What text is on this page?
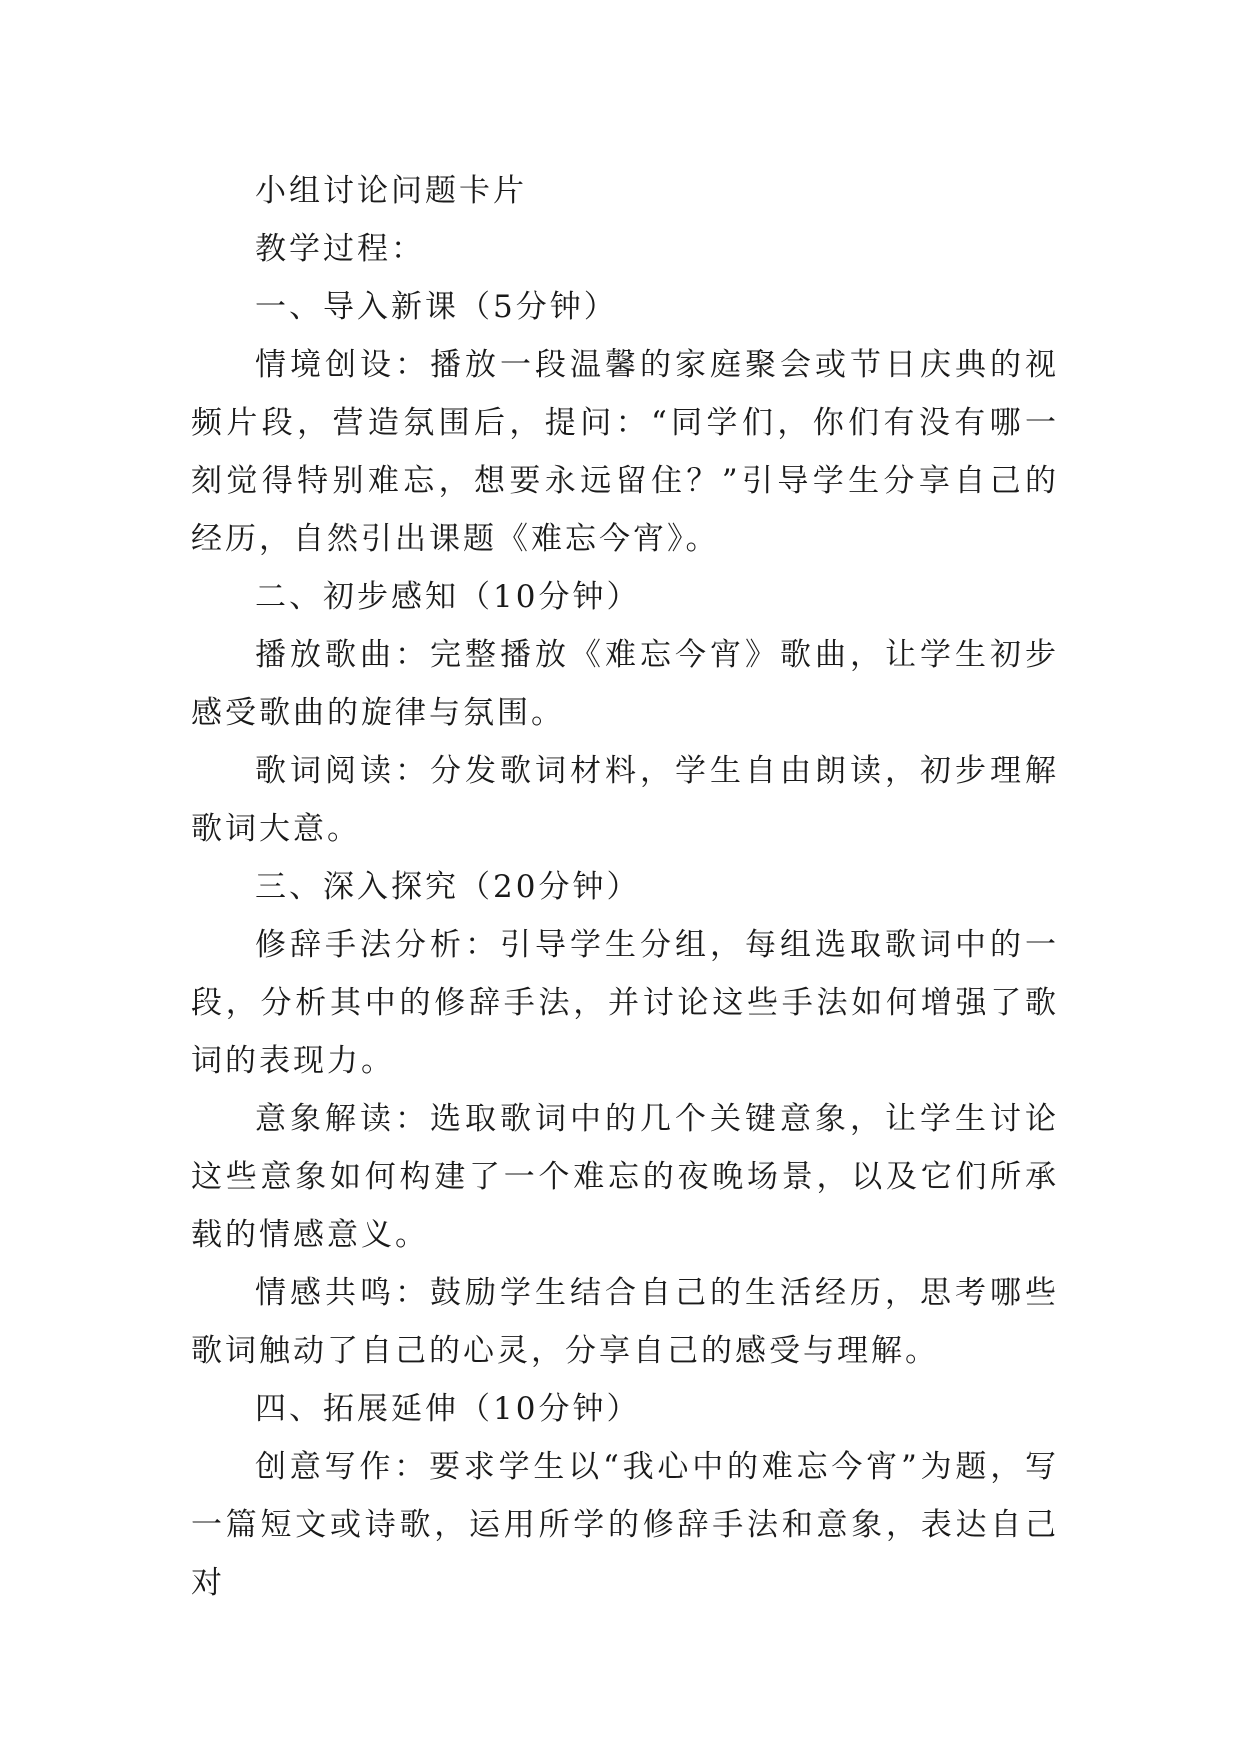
小组讨论问题卡片

教学过程：

一、导入新课（5分钟）

情境创设：播放一段温馨的家庭聚会或节日庆典的视频片段，营造氛围后，提问：“同学们，你们有没有哪一刻觉得特别难忘，想要永远留住？”引导学生分享自己的经历，自然引出课题《难忘今宵》。

二、初步感知（10分钟）

播放歌曲：完整播放《难忘今宵》歌曲，让学生初步感受歌曲的旋律与氛围。

歌词阅读：分发歌词材料，学生自由朗读，初步理解歌词大意。

三、深入探究（20分钟）

修辞手法分析：引导学生分组，每组选取歌词中的一段，分析其中的修辞手法，并讨论这些手法如何增强了歌词的表现力。

意象解读：选取歌词中的几个关键意象，让学生讨论这些意象如何构建了一个难忘的夜晚场景，以及它们所承载的情感意义。

情感共鸣：鼓励学生结合自己的生活经历，思考哪些歌词触动了自己的心灵，分享自己的感受与理解。

四、拓展延伸（10分钟）

创意写作：要求学生以“我心中的难忘今宵”为题，写一篇短文或诗歌，运用所学的修辞手法和意象，表达自己对
